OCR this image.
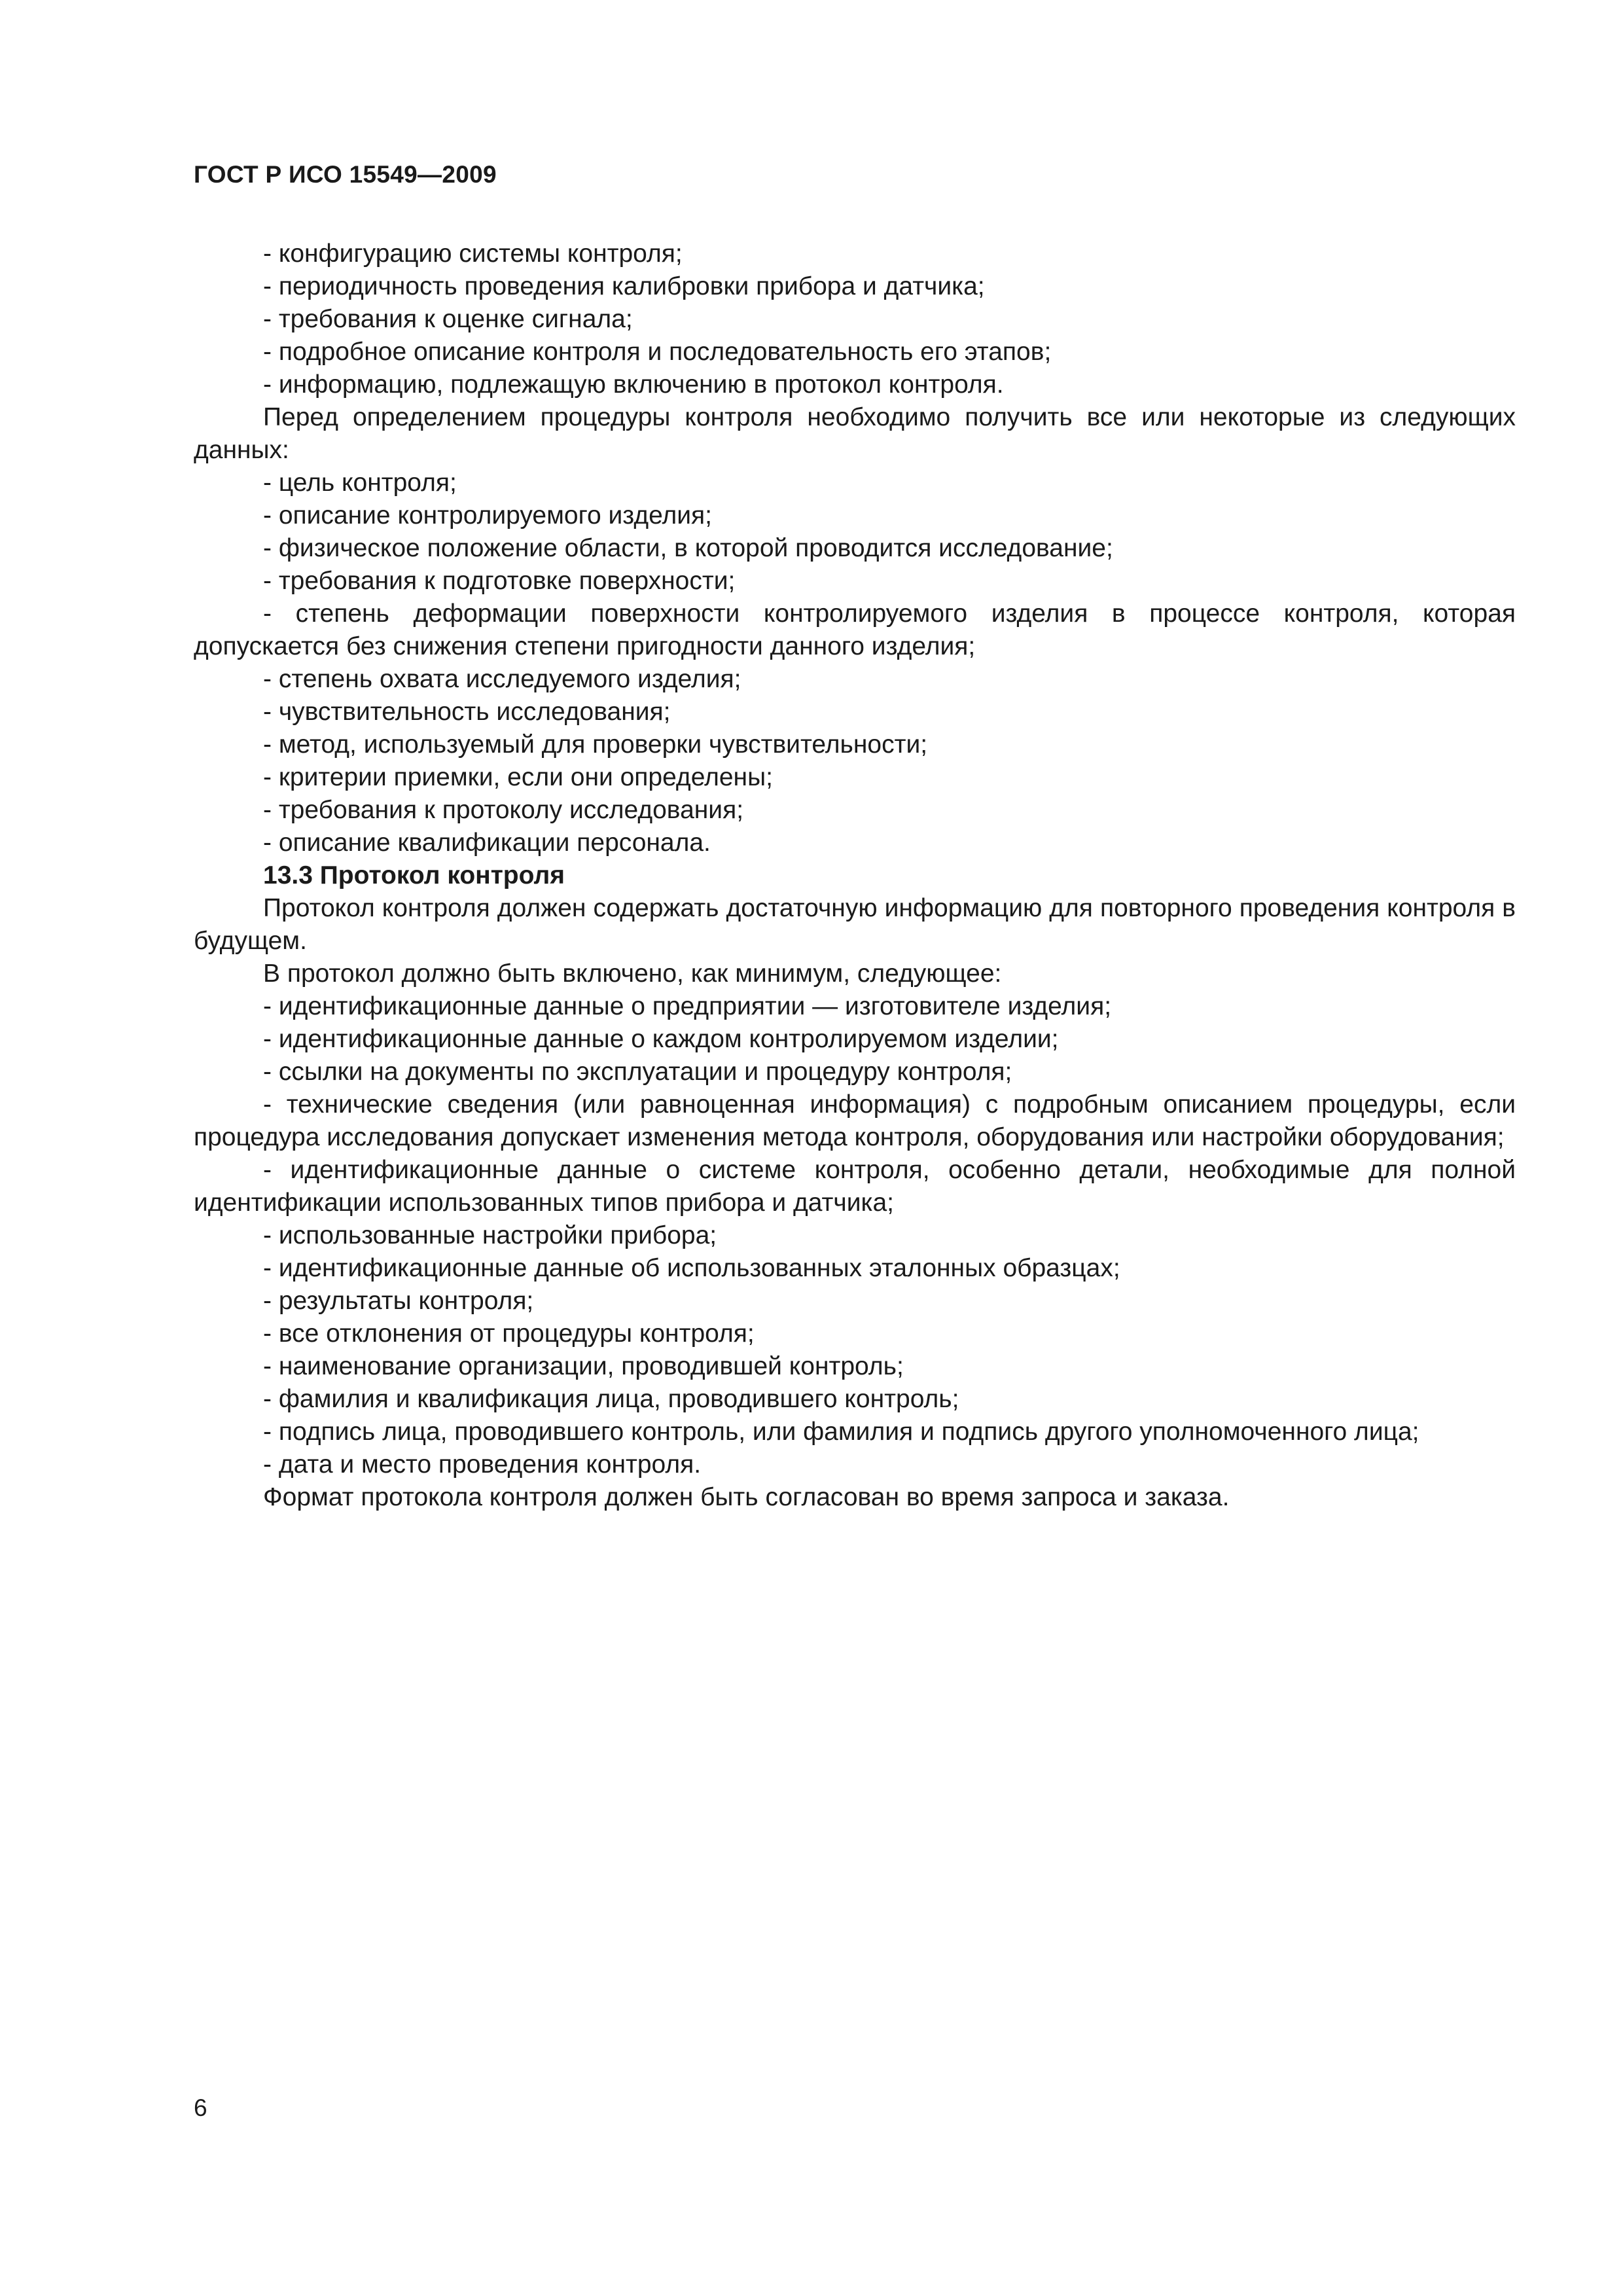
ГОСТ Р ИСО 15549—2009

- конфигурацию системы контроля;

- периодичность проведения калибровки прибора и датчика;

- требования к оценке сигнала;

- подробное описание контроля и последовательность его этапов;

- информацию, подлежащую включению в протокол контроля.

Перед определением процедуры контроля необходимо получить все или некоторые из следующих данных:

- цель контроля;

- описание контролируемого изделия;

- физическое положение области, в которой проводится исследование;

- требования к подготовке поверхности;

- степень деформации поверхности контролируемого изделия в процессе контроля, которая допускается без снижения степени пригодности данного изделия;

- степень охвата исследуемого изделия;

- чувствительность исследования;

- метод, используемый для проверки чувствительности;

- критерии приемки, если они определены;

- требования к протоколу исследования;

- описание квалификации персонала.

13.3 Протокол контроля

Протокол контроля должен содержать достаточную информацию для повторного проведения контроля в будущем.

В протокол должно быть включено, как минимум, следующее:

- идентификационные данные о предприятии — изготовителе изделия;

- идентификационные данные о каждом контролируемом изделии;

- ссылки на документы по эксплуатации и процедуру контроля;

- технические сведения (или равноценная информация) с подробным описанием процедуры, если процедура исследования допускает изменения метода контроля, оборудования или настройки оборудования;

- идентификационные данные о системе контроля, особенно детали, необходимые для полной идентификации использованных типов прибора и датчика;

- использованные настройки прибора;

- идентификационные данные об использованных эталонных образцах;

- результаты контроля;

- все отклонения от процедуры контроля;

- наименование организации, проводившей контроль;

- фамилия и квалификация лица, проводившего контроль;

- подпись лица, проводившего контроль, или фамилия и подпись другого уполномоченного лица;

- дата и место проведения контроля.

Формат протокола контроля должен быть согласован во время запроса и заказа.

6
